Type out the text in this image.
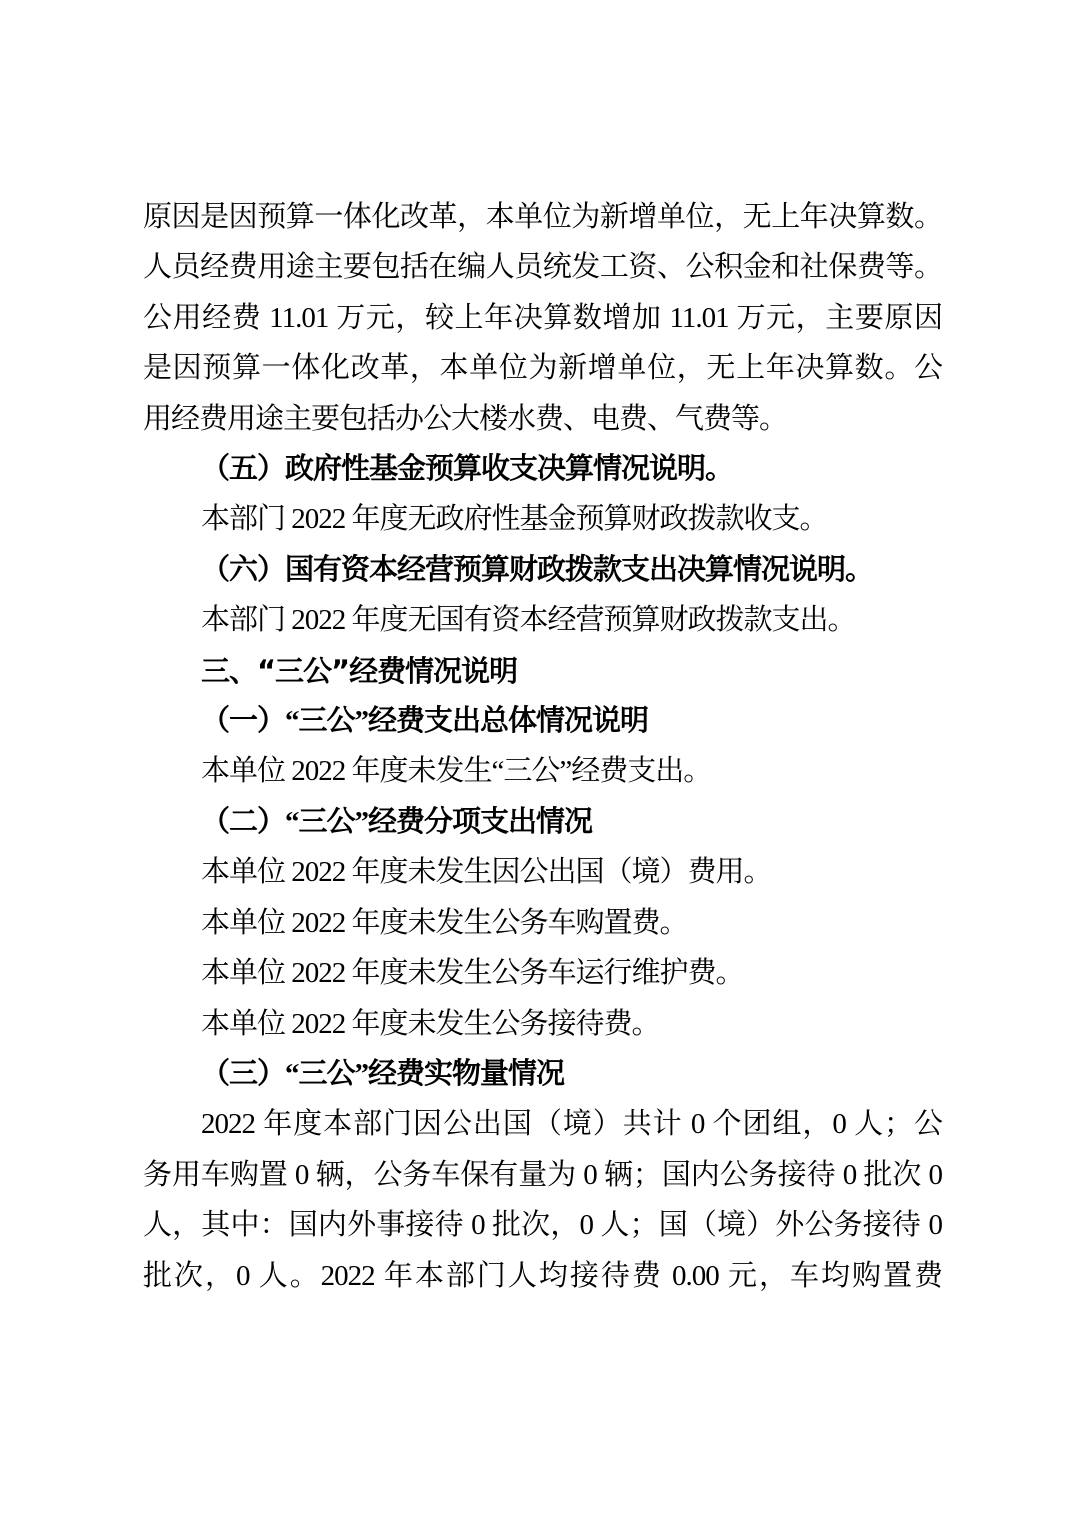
原因是因预算一体化改革，本单位为新增单位，无上年决算数。
人员经费用途主要包括在编人员统发工资、公积金和社保费等。
公用经费 11.01 万元，较上年决算数增加 11.01 万元，主要原因
是因预算一体化改革，本单位为新增单位，无上年决算数。公
用经费用途主要包括办公大楼水费、电费、气费等。
（五）政府性基金预算收支决算情况说明。
本部门 2022 年度无政府性基金预算财政拨款收支。
（六）国有资本经营预算财政拨款支出决算情况说明。
本部门 2022 年度无国有资本经营预算财政拨款支出。
三、“三公”经费情况说明
（一）“三公”经费支出总体情况说明
本单位 2022 年度未发生“三公”经费支出。
（二）“三公”经费分项支出情况
本单位 2022 年度未发生因公出国（境）费用。
本单位 2022 年度未发生公务车购置费。
本单位 2022 年度未发生公务车运行维护费。
本单位 2022 年度未发生公务接待费。
（三）“三公”经费实物量情况
2022 年度本部门因公出国（境）共计 0 个团组，0 人；公
务用车购置 0 辆，公务车保有量为 0 辆；国内公务接待 0 批次 0
人，其中：国内外事接待 0 批次，0 人；国（境）外公务接待 0
批次，0 人。2022 年本部门人均接待费 0.00 元，车均购置费
